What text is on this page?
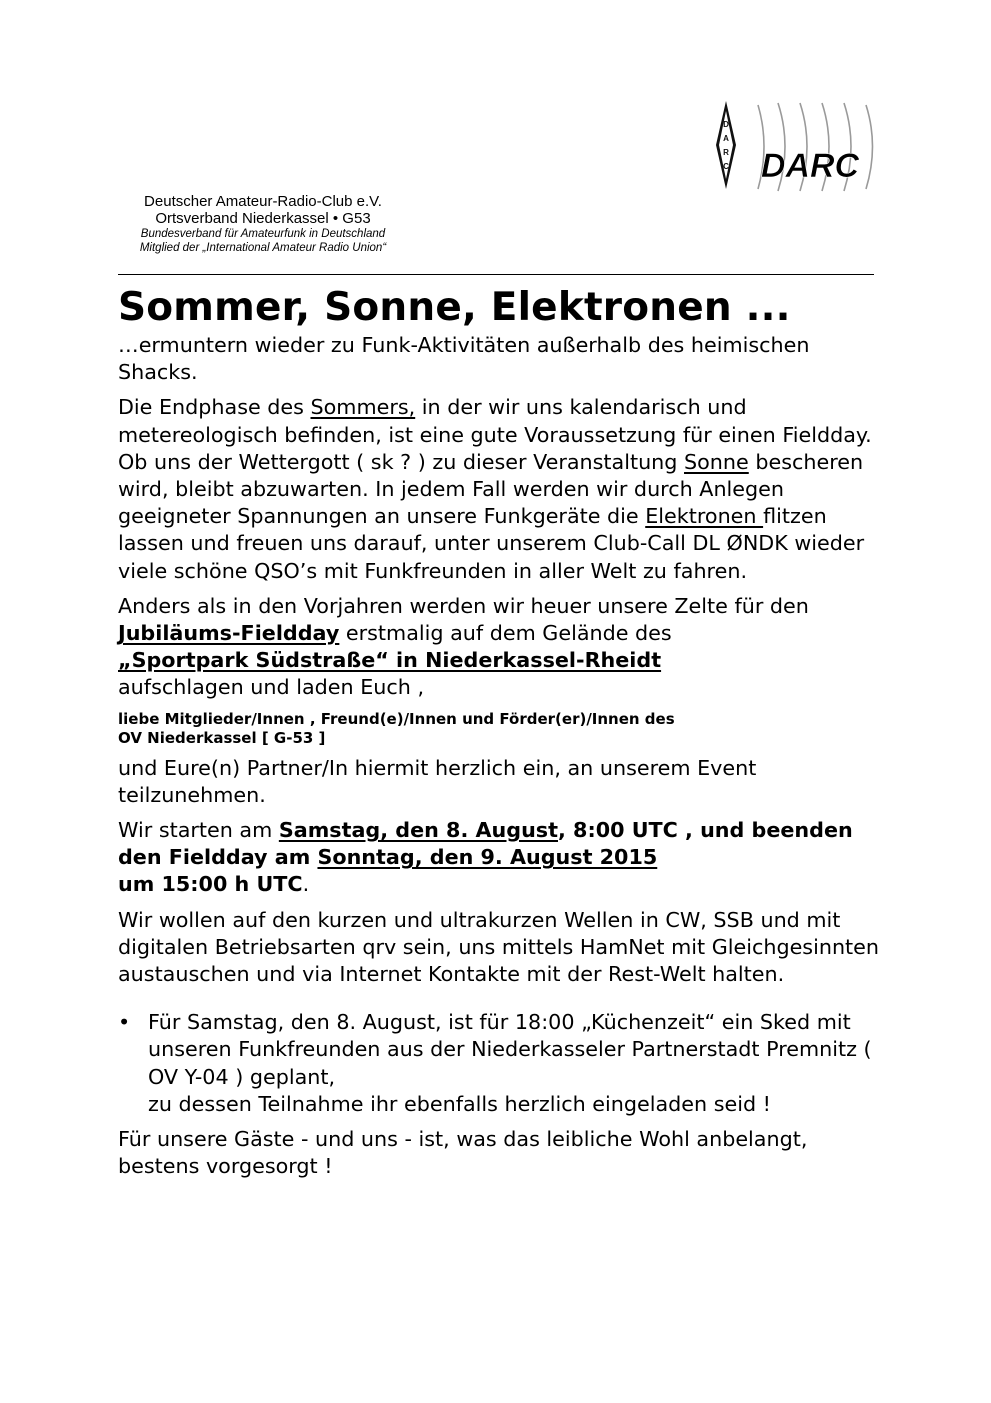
D
A
R
C DARC
Deutscher Amateur-Radio-Club e.V.
Ortsverband Niederkassel • G53
Bundesverband für Amateurfunk in Deutschland
Mitglied der „International Amateur Radio Union“
Sommer, Sonne, Elektronen ...

…ermuntern wieder zu Funk-Aktivitäten außerhalb des heimischen Shacks.

Die Endphase des Sommers, in der wir uns kalendarisch und metereologisch befinden, ist eine gute Voraussetzung für einen Fieldday. Ob uns der Wettergott ( sk ? ) zu dieser Veranstaltung Sonne bescheren wird, bleibt abzuwarten. In jedem Fall werden wir durch Anlegen geeigneter Spannungen an unsere Funkgeräte die Elektronen flitzen lassen und freuen uns darauf, unter unserem Club-Call DL ØNDK wieder viele schöne QSO’s mit Funkfreunden in aller Welt zu fahren.

Anders als in den Vorjahren werden wir heuer unsere Zelte für den Jubiläums-Fieldday erstmalig auf dem Gelände des
„Sportpark Südstraße“ in Niederkassel-Rheidt
aufschlagen und laden Euch ,

liebe Mitglieder/Innen , Freund(e)/Innen und Förder(er)/Innen des
OV Niederkassel [ G-53 ]

und Eure(n) Partner/In hiermit herzlich ein, an unserem Event teilzunehmen.

Wir starten am Samstag, den 8. August, 8:00 UTC , und beenden den Fieldday am Sonntag, den 9. August 2015
um 15:00 h UTC.

Wir wollen auf den kurzen und ultrakurzen Wellen in CW, SSB und mit digitalen Betriebsarten qrv sein, uns mittels HamNet mit Gleichgesinnten austauschen und via Internet Kontakte mit der Rest-Welt halten.

• Für Samstag, den 8. August, ist für 18:00 „Küchenzeit“ ein Sked mit unseren Funkfreunden aus der Niederkasseler Partnerstadt Premnitz ( OV Y-04 ) geplant,

zu dessen Teilnahme ihr ebenfalls herzlich eingeladen seid !

Für unsere Gäste - und uns - ist, was das leibliche Wohl anbelangt, bestens vorgesorgt !
